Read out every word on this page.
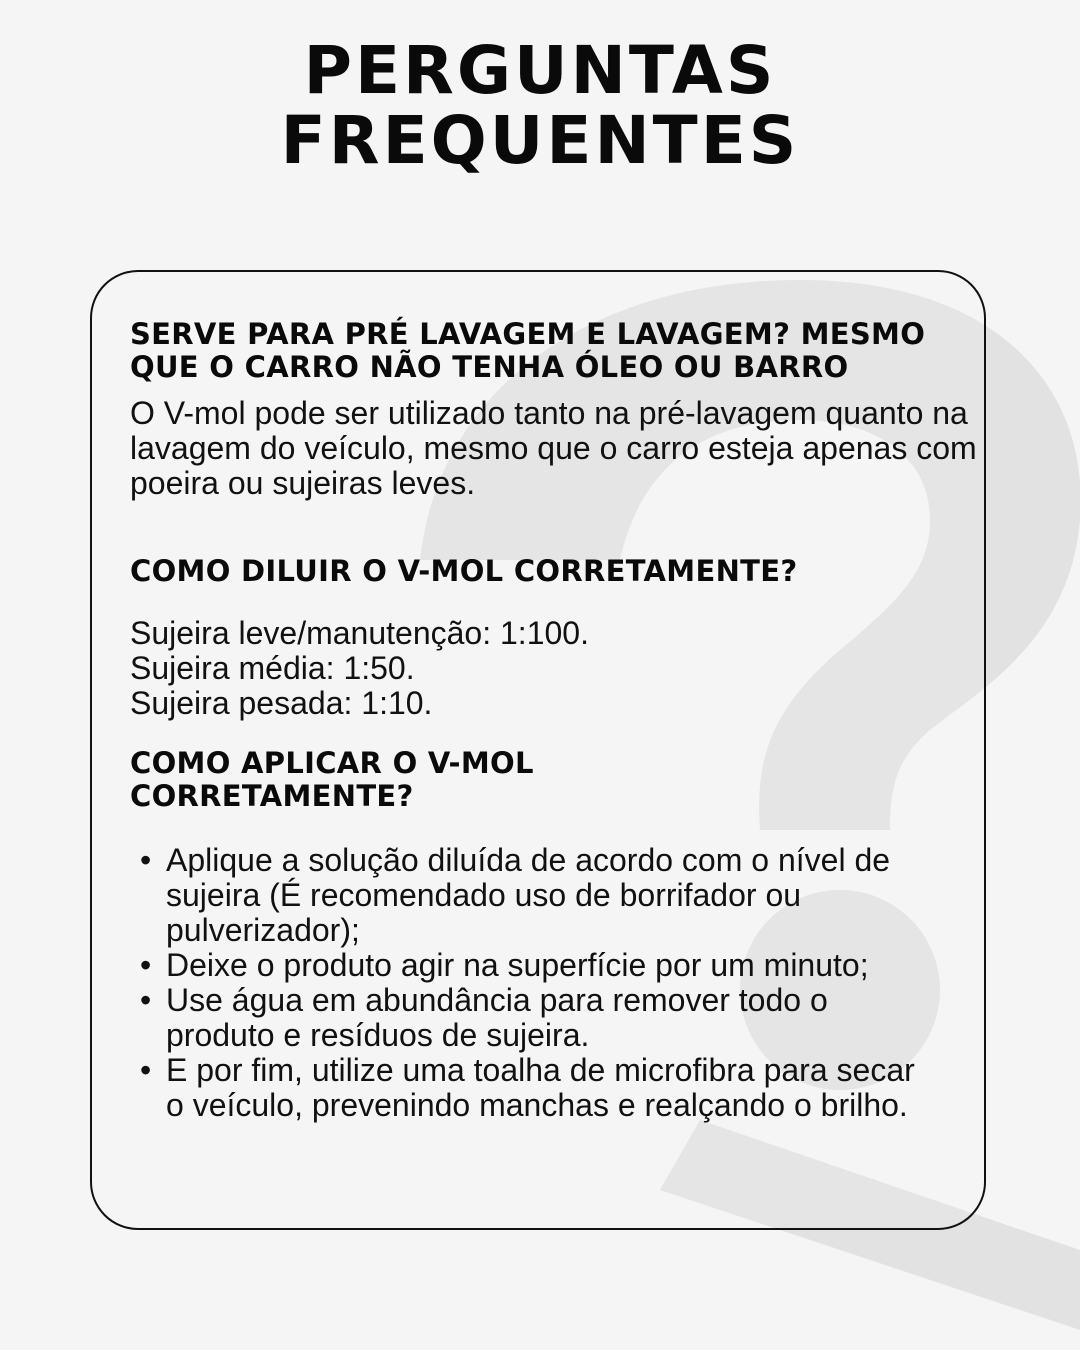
PERGUNTAS
FREQUENTES
SERVE PARA PRÉ LAVAGEM E LAVAGEM? MESMO QUE O CARRO NÃO TENHA ÓLEO OU BARRO

O V-mol pode ser utilizado tanto na pré-lavagem quanto na lavagem do veículo, mesmo que o carro esteja apenas com poeira ou sujeiras leves.

COMO DILUIR O V-MOL CORRETAMENTE?
Sujeira leve/manutenção: 1:100.
Sujeira média: 1:50.
Sujeira pesada: 1:10.
COMO APLICAR O V-MOL CORRETAMENTE?
• Aplique a solução diluída de acordo com o nível de sujeira (É recomendado uso de borrifador ou pulverizador);
• Deixe o produto agir na superfície por um minuto;
• Use água em abundância para remover todo o produto e resíduos de sujeira.
• E por fim, utilize uma toalha de microfibra para secar o veículo, prevenindo manchas e realçando o brilho.
